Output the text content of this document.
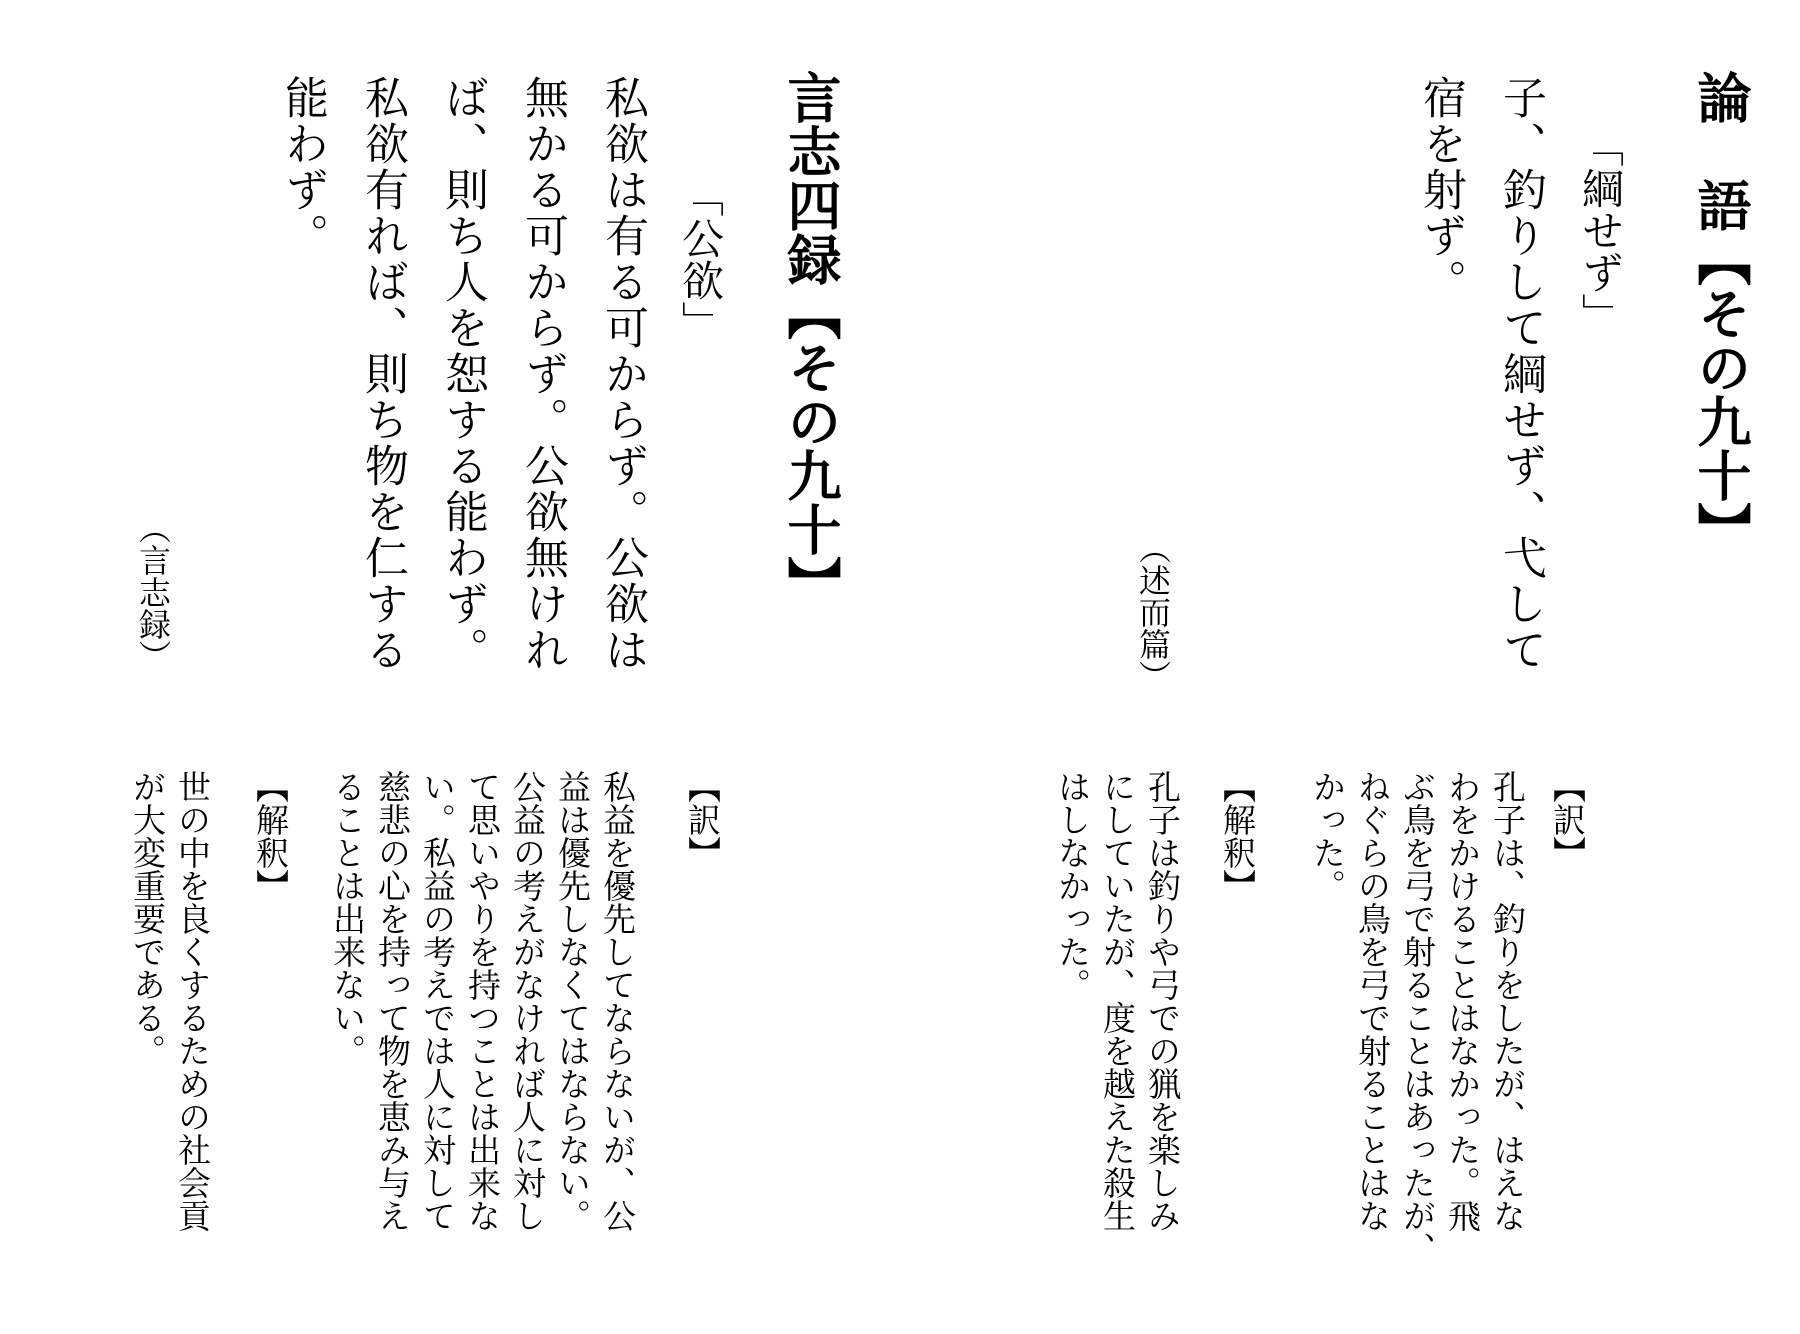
論　語【その九十】
「綱せず」
子、釣りして綱せず、弋して
宿を射ず。
（述而篇）
【訳】
孔子は、釣りをしたが、はえな
わをかけることはなかった。飛
ぶ鳥を弓で射ることはあったが、
ねぐらの鳥を弓で射ることはな
かった。
【解釈】
孔子は釣りや弓での猟を楽しみ
にしていたが、度を越えた殺生
はしなかった。
言志四録【その九十】
「公欲」
私欲は有る可からず。公欲は
無かる可からず。公欲無けれ
ば、則ち人を恕する能わず。
私欲有れば、則ち物を仁する
能わず。
（言志録）
【訳】
私益を優先してならないが、公
益は優先しなくてはならない。
公益の考えがなければ人に対し
て思いやりを持つことは出来な
い。私益の考えでは人に対して
慈悲の心を持って物を恵み与え
ることは出来ない。
【解釈】
世の中を良くするための社会貢
が大変重要である。
